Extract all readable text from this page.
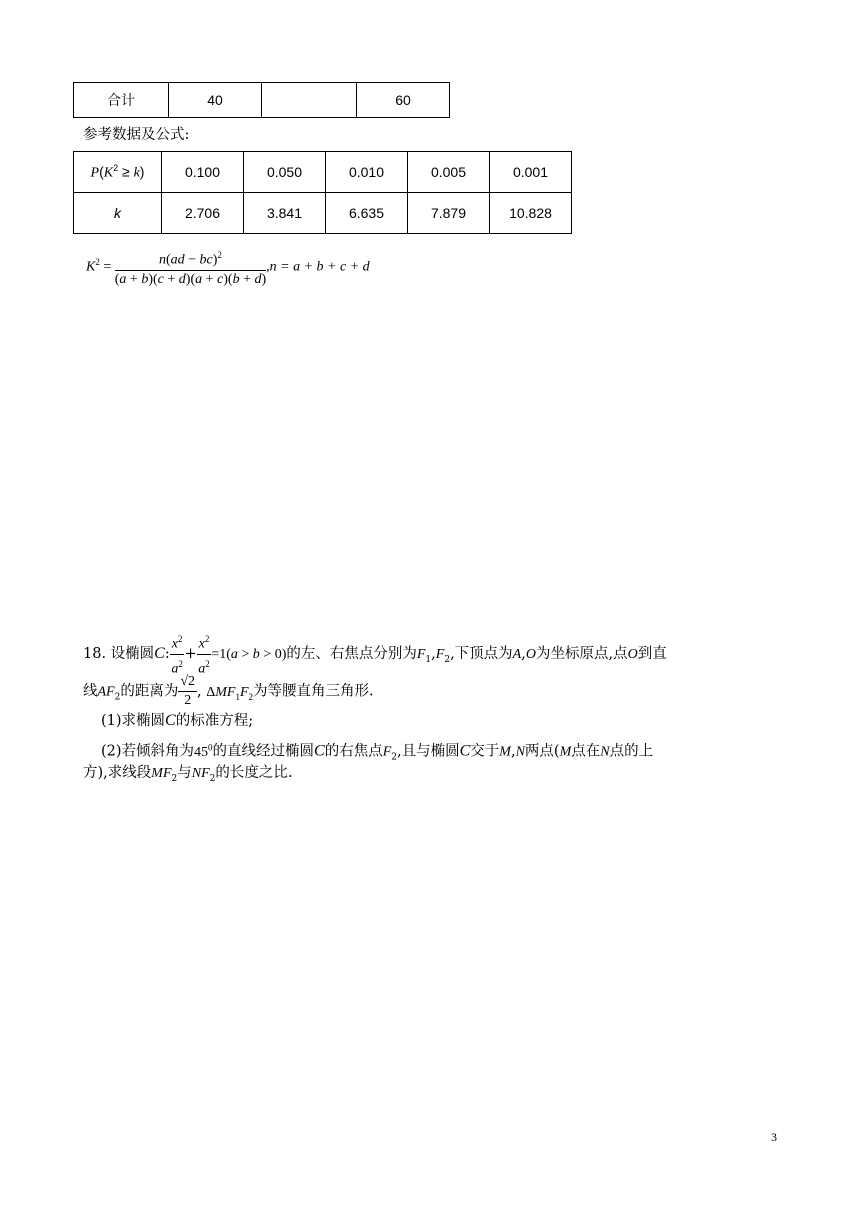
合计	40		60
参考数据及公式:
$P(K^2 \ge k)$	0.100	0.050	0.010	0.005	0.001
k	2.706	3.841	6.635	7.879	10.828
$K^2 = \frac{n(ad - bc)^2}{(a + b)(c + d)(a + c)(b + d)} ,n = a + b + c + d$
18. 设椭圆C: $\frac{x^2}{a^2} + \frac{x^2}{a^2} =1(a > b > 0)$的左、右焦点分别为$F_1,F_2$,下顶点为A,O为坐标原点,点O到直
线$AF_2$的距离为 $\frac{√2}{2}$ , $\Delta MF_1F_2$为等腰直角三角形.
(1)求椭圆C的标准方程;
(2)若倾斜角为$45^0$的直线经过椭圆C的右焦点$F_2$,且与椭圆C交于M,N两点(M点在N点的上
方),求线段$MF_2$与$NF_2$的长度之比.
3
